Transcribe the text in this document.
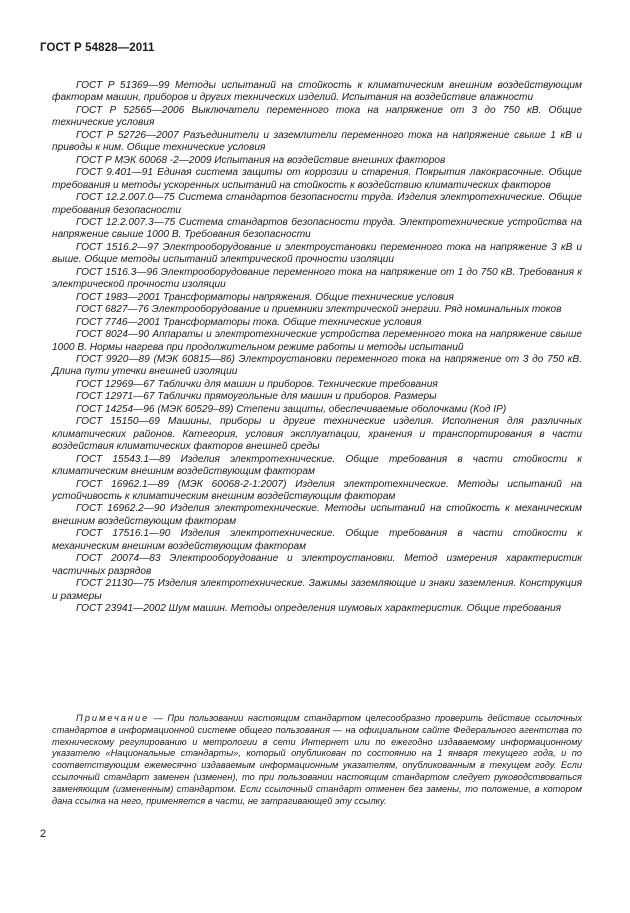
ГОСТ Р 54828—2011

ГОСТ Р 51369—99 Методы испытаний на стойкость к климатическим внешним воздействующим факторам машин, приборов и других технических изделий. Испытания на воздействие влажности

ГОСТ Р 52565—2006 Выключатели переменного тока на напряжение от 3 до 750 кВ. Общие технические условия

ГОСТ Р 52726—2007 Разъединители и заземлители переменного тока на напряжение свыше 1 кВ и приводы к ним. Общие технические условия

ГОСТ Р МЭК 60068 -2—2009 Испытания на воздействие внешних факторов

ГОСТ 9.401—91 Единая система защиты от коррозии и старения. Покрытия лакокрасочные. Общие требования и методы ускоренных испытаний на стойкость к воздействию климатических факторов

ГОСТ 12.2.007.0—75 Система стандартов безопасности труда. Изделия электротехнические. Общие требования безопасности

ГОСТ 12.2.007.3—75 Система стандартов безопасности труда. Электротехнические устройства на напряжение свыше 1000 В. Требования безопасности

ГОСТ 1516.2—97 Электрооборудование и электроустановки переменного тока на напряжение 3 кВ и выше. Общие методы испытаний электрической прочности изоляции

ГОСТ 1516.3—96 Электрооборудование переменного тока на напряжение от 1 до 750 кВ. Требования к электрической прочности изоляции

ГОСТ 1983—2001 Трансформаторы напряжения. Общие технические условия

ГОСТ 6827—76 Электрооборудование и приемники электрической энергии. Ряд номинальных токов

ГОСТ 7746—2001 Трансформаторы тока. Общие технические условия

ГОСТ 8024—90 Аппараты и электротехнические устройства переменного тока на напряжение свыше 1000 В. Нормы нагрева при продолжительном режиме работы и методы испытаний

ГОСТ 9920—89 (МЭК 60815—86) Электроустановки переменного тока на напряжение от 3 до 750 кВ. Длина пути утечки внешней изоляции

ГОСТ 12969—67 Таблички для машин и приборов. Технические требования

ГОСТ 12971—67 Таблички прямоугольные для машин и приборов. Размеры

ГОСТ 14254—96 (МЭК 60529–89) Степени защиты, обеспечиваемые оболочками (Код IP)

ГОСТ 15150—69 Машины, приборы и другие технические изделия. Исполнения для различных климатических районов. Категория, условия эксплуатации, хранения и транспортирования в части воздействия климатических факторов внешней среды

ГОСТ 15543.1—89 Изделия электротехнические. Общие требования в части стойкости к климатическим внешним воздействующим факторам

ГОСТ 16962.1—89 (МЭК 60068-2-1:2007) Изделия электротехнические. Методы испытаний на устойчивость к климатическим внешним воздействующим факторам

ГОСТ 16962.2—90 Изделия электротехнические. Методы испытаний на стойкость к механическим внешним воздействующим факторам

ГОСТ 17516.1—90 Изделия электротехнические. Общие требования в части стойкости к механическим внешним воздействующим факторам

ГОСТ 20074—83 Электрооборудование и электроустановки. Метод измерения характеристик частичных разрядов

ГОСТ 21130—75 Изделия электротехнические. Зажимы заземляющие и знаки заземления. Конструкция и размеры

ГОСТ 23941—2002 Шум машин. Методы определения шумовых характеристик. Общие требования

Примечание — При пользовании настоящим стандартом целесообразно проверить действие ссылочных стандартов в информационной системе общего пользования — на официальном сайте Федерального агентства по техническому регулированию и метрологии в сети Интернет или по ежегодно издаваемому информационному указателю «Национальные стандарты», который опубликован по состоянию на 1 января текущего года, и по соответствующим ежемесячно издаваемым информационным указателям, опубликованным в текущем году. Если ссылочный стандарт заменен (изменен), то при пользовании настоящим стандартом следует руководствоваться заменяющим (измененным) стандартом. Если ссылочный стандарт отменен без замены, то положение, в котором дана ссылка на него, применяется в части, не затрагивающей эту ссылку.

2
